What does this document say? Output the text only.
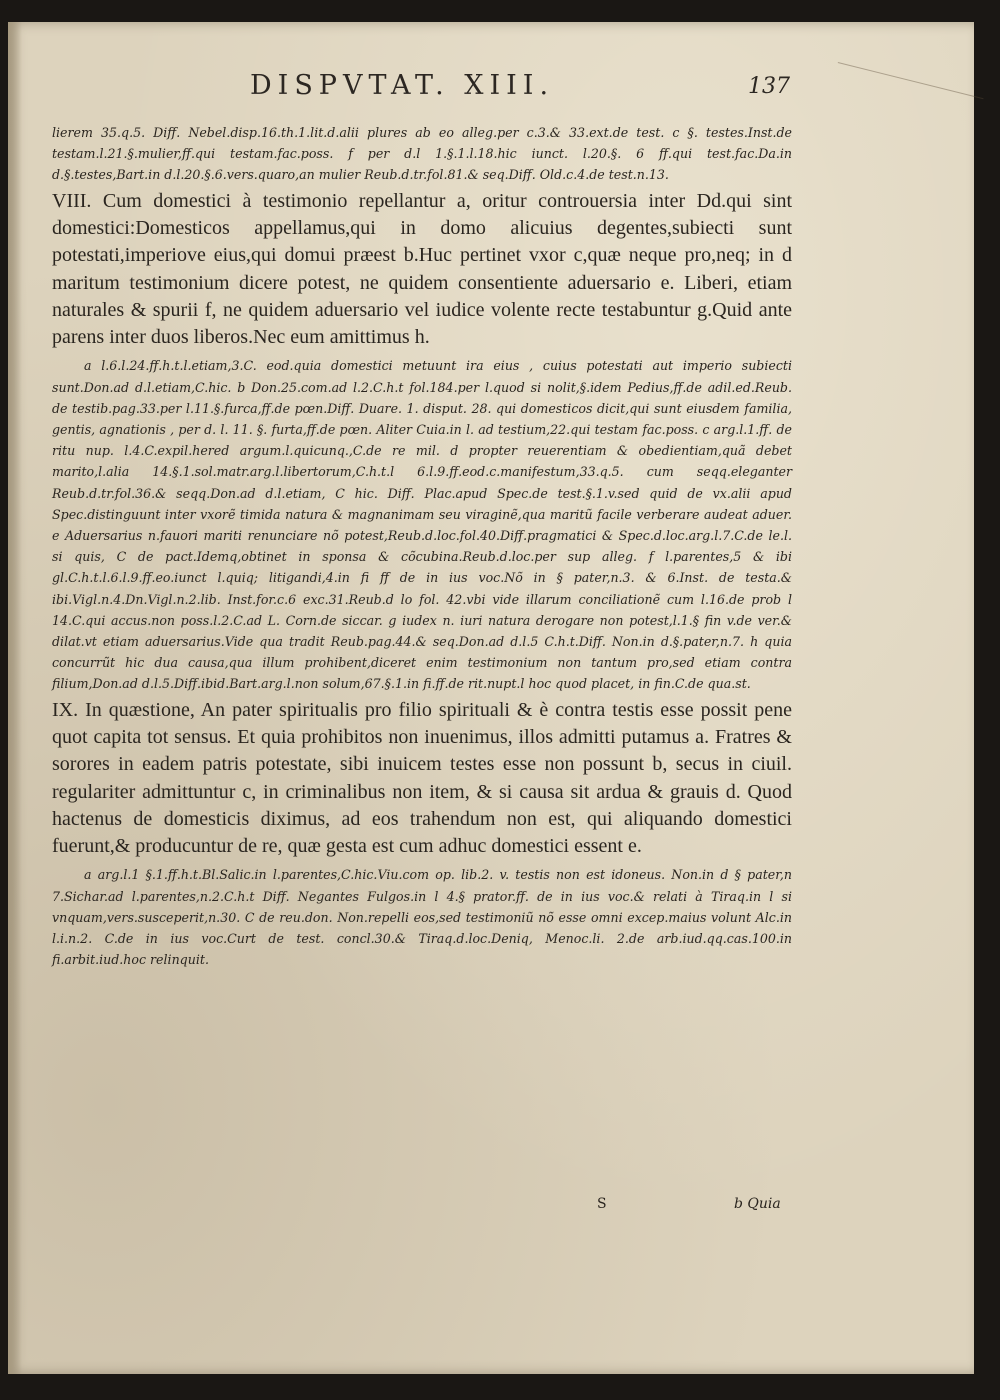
DISPVTAT. XIII.	137

lierem 35.q.5. Diff. Nebel.disp.16.th.1.lit.d.alii plures ab eo alleg.per c.3.& 33.ext.de test. c §. testes.Inst.de testam.l.21.§.mulier,ff.qui testam.fac.poss. f per d.l 1.§.1.l.18.hic iunct. l.20.§. 6 ff.qui test.fac.Da.in d.§.testes,Bart.in d.l.20.§.6.vers.quaro,an mulier Reub.d.tr.fol.81.& seq.Diff. Old.c.4.de test.n.13.

VIII. Cum domestici à testimonio repellantur a, oritur controuersia inter Dd.qui sint domestici:Domesticos appellamus,qui in domo alicuius degentes,subiecti sunt potestati,imperiove eius,qui domui præest b.Huc pertinet vxor c,quæ neque pro,neq; in d maritum testimonium dicere potest, ne quidem consentiente aduersario e. Liberi, etiam naturales & spurii f, ne quidem aduersario vel iudice volente recte testabuntur g.Quid ante parens inter duos liberos.Nec eum amittimus h.

a l.6.l.24.ff.h.t.l.etiam,3.C. eod.quia domestici metuunt ira eius , cuius potestati aut imperio subiecti sunt.Don.ad d.l.etiam,C.hic. b Don.25.com.ad l.2.C.h.t fol.184.per l.quod si nolit,§.idem Pedius,ff.de adil.ed.Reub. de testib.pag.33.per l.11.§.furca,ff.de pœn.Diff. Duare. 1. disput. 28. qui domesticos dicit,qui sunt eiusdem familia, gentis, agnationis , per d. l. 11. §. furta,ff.de pœn. Aliter Cuia.in l. ad testium,22.qui testam fac.poss. c arg.l.1.ff. de ritu nup. l.4.C.expil.hered argum.l.quicunq.,C.de re mil. d propter reuerentiam & obedientiam,quã debet marito,l.alia 14.§.1.sol.matr.arg.l.libertorum,C.h.t.l 6.l.9.ff.eod.c.manifestum,33.q.5. cum seqq.eleganter Reub.d.tr.fol.36.& seqq.Don.ad d.l.etiam, C hic. Diff. Plac.apud Spec.de test.§.1.v.sed quid de vx.alii apud Spec.distinguunt inter vxorẽ timida natura & magnanimam seu viraginẽ,qua maritũ facile verberare audeat aduer. e Aduersarius n.fauori mariti renunciare nõ potest,Reub.d.loc.fol.40.Diff.pragmatici & Spec.d.loc.arg.l.7.C.de le.l. si quis, C de pact.Idemq,obtinet in sponsa & cõcubina.Reub.d.loc.per sup alleg. f l.parentes,5 & ibi gl.C.h.t.l.6.l.9.ff.eo.iunct l.quiq; litigandi,4.in fi ff de in ius voc.Nõ in § pater,n.3. & 6.Inst. de testa.& ibi.Vigl.n.4.Dn.Vigl.n.2.lib. Inst.for.c.6 exc.31.Reub.d lo fol. 42.vbi vide illarum conciliationẽ cum l.16.de prob l 14.C.qui accus.non poss.l.2.C.ad L. Corn.de siccar. g iudex n. iuri natura derogare non potest,l.1.§ fin v.de ver.& dilat.vt etiam aduersarius.Vide qua tradit Reub.pag.44.& seq.Don.ad d.l.5 C.h.t.Diff. Non.in d.§.pater,n.7. h quia concurrũt hic dua causa,qua illum prohibent,diceret enim testimonium non tantum pro,sed etiam contra filium,Don.ad d.l.5.Diff.ibid.Bart.arg.l.non solum,67.§.1.in fi.ff.de rit.nupt.l hoc quod placet, in fin.C.de qua.st.

IX. In quæstione, An pater spiritualis pro filio spirituali & è contra testis esse possit pene quot capita tot sensus. Et quia prohibitos non inuenimus, illos admitti putamus a. Fratres & sorores in eadem patris potestate, sibi inuicem testes esse non possunt b, secus in ciuil. regulariter admittuntur c, in criminalibus non item, & si causa sit ardua & grauis d. Quod hactenus de domesticis diximus, ad eos trahendum non est, qui aliquando domestici fuerunt,& producuntur de re, quæ gesta est cum adhuc domestici essent e.

a arg.l.1 §.1.ff.h.t.Bl.Salic.in l.parentes,C.hic.Viu.com op. lib.2. v. testis non est idoneus. Non.in d § pater,n 7.Sichar.ad l.parentes,n.2.C.h.t Diff. Negantes Fulgos.in l 4.§ prator.ff. de in ius voc.& relati à Tiraq.in l si vnquam,vers.susceperit,n.30. C de reu.don. Non.repelli eos,sed testimoniũ nõ esse omni excep.maius volunt Alc.in l.i.n.2. C.de in ius voc.Curt de test. concl.30.& Tiraq.d.loc.Deniq, Menoc.li. 2.de arb.iud.qq.cas.100.in fi.arbit.iud.hoc relinquit.

S	b Quia
